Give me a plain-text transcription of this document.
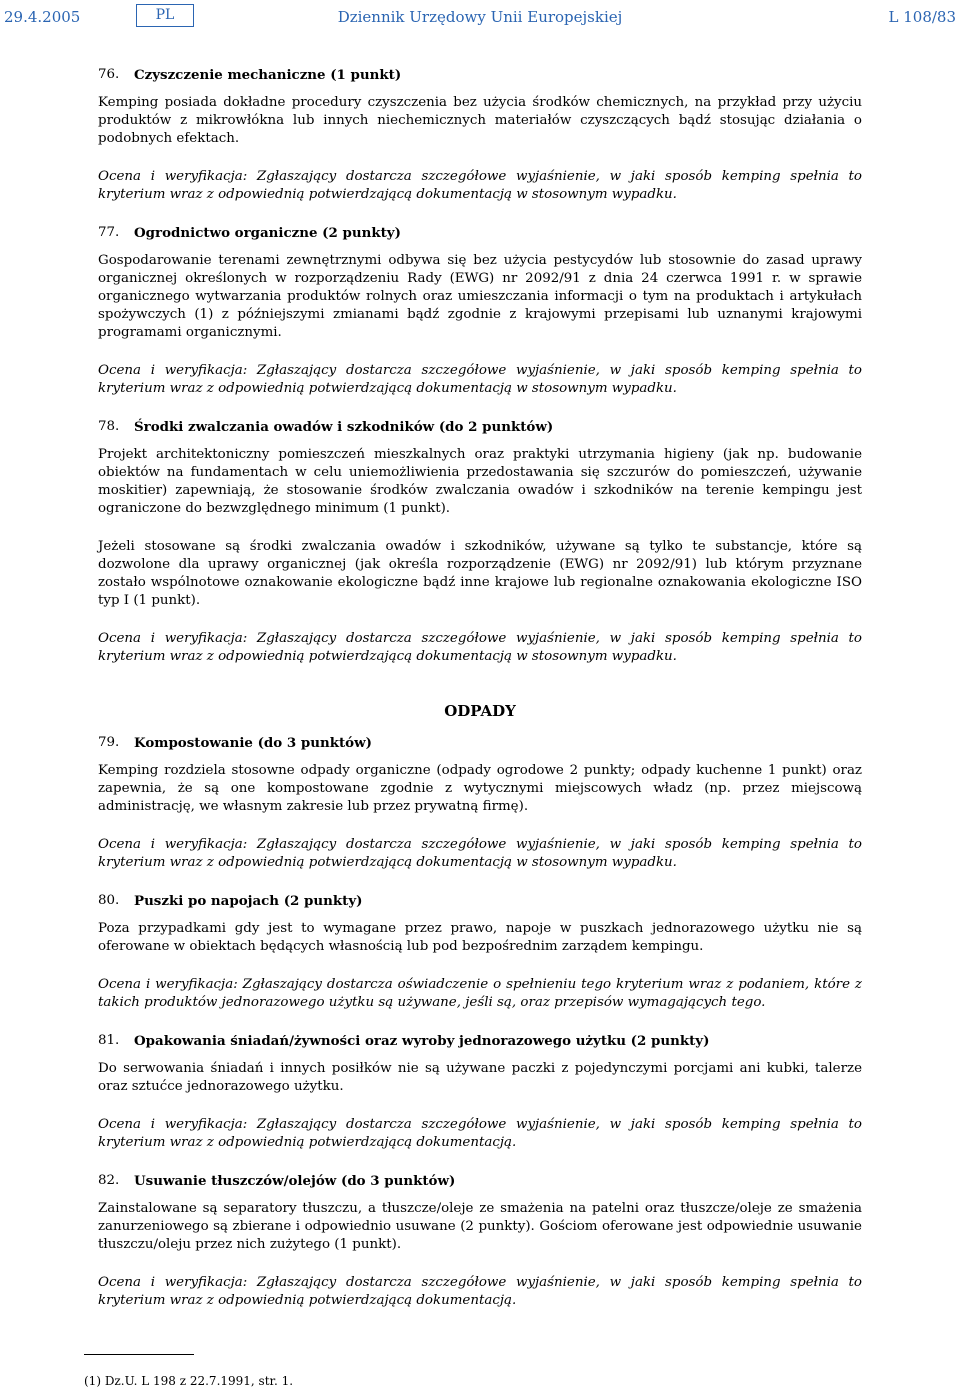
29.4.2005	PL	Dziennik Urzędowy Unii Europejskiej	L 108/83
76.	Czyszczenie mechaniczne (1 punkt)

Kemping posiada dokładne procedury czyszczenia bez użycia środków chemicznych, na przykład przy użyciu produktów z mikrowłókna lub innych niechemicznych materiałów czyszczących bądź stosując działania o podobnych efektach.

Ocena i weryfikacja: Zgłaszający dostarcza szczegółowe wyjaśnienie, w jaki sposób kemping spełnia to kryterium wraz z odpowiednią potwierdzającą dokumentacją w stosownym wypadku.

77.	Ogrodnictwo organiczne (2 punkty)

Gospodarowanie terenami zewnętrznymi odbywa się bez użycia pestycydów lub stosownie do zasad uprawy organicznej określonych w rozporządzeniu Rady (EWG) nr 2092/91 z dnia 24 czerwca 1991 r. w sprawie organicznego wytwarzania produktów rolnych oraz umieszczania informacji o tym na produktach i artykułach spożywczych (1) z późniejszymi zmianami bądź zgodnie z krajowymi przepisami lub uznanymi krajowymi programami organicznymi.

Ocena i weryfikacja: Zgłaszający dostarcza szczegółowe wyjaśnienie, w jaki sposób kemping spełnia to kryterium wraz z odpowiednią potwierdzającą dokumentacją w stosownym wypadku.

78.	Środki zwalczania owadów i szkodników (do 2 punktów)

Projekt architektoniczny pomieszczeń mieszkalnych oraz praktyki utrzymania higieny (jak np. budowanie obiektów na fundamentach w celu uniemożliwienia przedostawania się szczurów do pomieszczeń, używanie moskitier) zapewniają, że stosowanie środków zwalczania owadów i szkodników na terenie kempingu jest ograniczone do bezwzględnego minimum (1 punkt).

Jeżeli stosowane są środki zwalczania owadów i szkodników, używane są tylko te substancje, które są dozwolone dla uprawy organicznej (jak określa rozporządzenie (EWG) nr 2092/91) lub którym przyznane zostało wspólnotowe oznakowanie ekologiczne bądź inne krajowe lub regionalne oznakowania ekologiczne ISO typ I (1 punkt).

Ocena i weryfikacja: Zgłaszający dostarcza szczegółowe wyjaśnienie, w jaki sposób kemping spełnia to kryterium wraz z odpowiednią potwierdzającą dokumentacją w stosownym wypadku.

ODPADY
79.	Kompostowanie (do 3 punktów)

Kemping rozdziela stosowne odpady organiczne (odpady ogrodowe 2 punkty; odpady kuchenne 1 punkt) oraz zapewnia, że są one kompostowane zgodnie z wytycznymi miejscowych władz (np. przez miejscową administrację, we własnym zakresie lub przez prywatną firmę).

Ocena i weryfikacja: Zgłaszający dostarcza szczegółowe wyjaśnienie, w jaki sposób kemping spełnia to kryterium wraz z odpowiednią potwierdzającą dokumentacją w stosownym wypadku.

80.	Puszki po napojach (2 punkty)

Poza przypadkami gdy jest to wymagane przez prawo, napoje w puszkach jednorazowego użytku nie są oferowane w obiektach będących własnością lub pod bezpośrednim zarządem kempingu.

Ocena i weryfikacja: Zgłaszający dostarcza oświadczenie o spełnieniu tego kryterium wraz z podaniem, które z takich produktów jednorazowego użytku są używane, jeśli są, oraz przepisów wymagających tego.

81.	Opakowania śniadań/żywności oraz wyroby jednorazowego użytku (2 punkty)

Do serwowania śniadań i innych posiłków nie są używane paczki z pojedynczymi porcjami ani kubki, talerze oraz sztućce jednorazowego użytku.

Ocena i weryfikacja: Zgłaszający dostarcza szczegółowe wyjaśnienie, w jaki sposób kemping spełnia to kryterium wraz z odpowiednią potwierdzającą dokumentacją.

82.	Usuwanie tłuszczów/olejów (do 3 punktów)

Zainstalowane są separatory tłuszczu, a tłuszcze/oleje ze smażenia na patelni oraz tłuszcze/oleje ze smażenia zanurzeniowego są zbierane i odpowiednio usuwane (2 punkty). Gościom oferowane jest odpowiednie usuwanie tłuszczu/oleju przez nich zużytego (1 punkt).

Ocena i weryfikacja: Zgłaszający dostarcza szczegółowe wyjaśnienie, w jaki sposób kemping spełnia to kryterium wraz z odpowiednią potwierdzającą dokumentacją.

(1) Dz.U. L 198 z 22.7.1991, str. 1.
